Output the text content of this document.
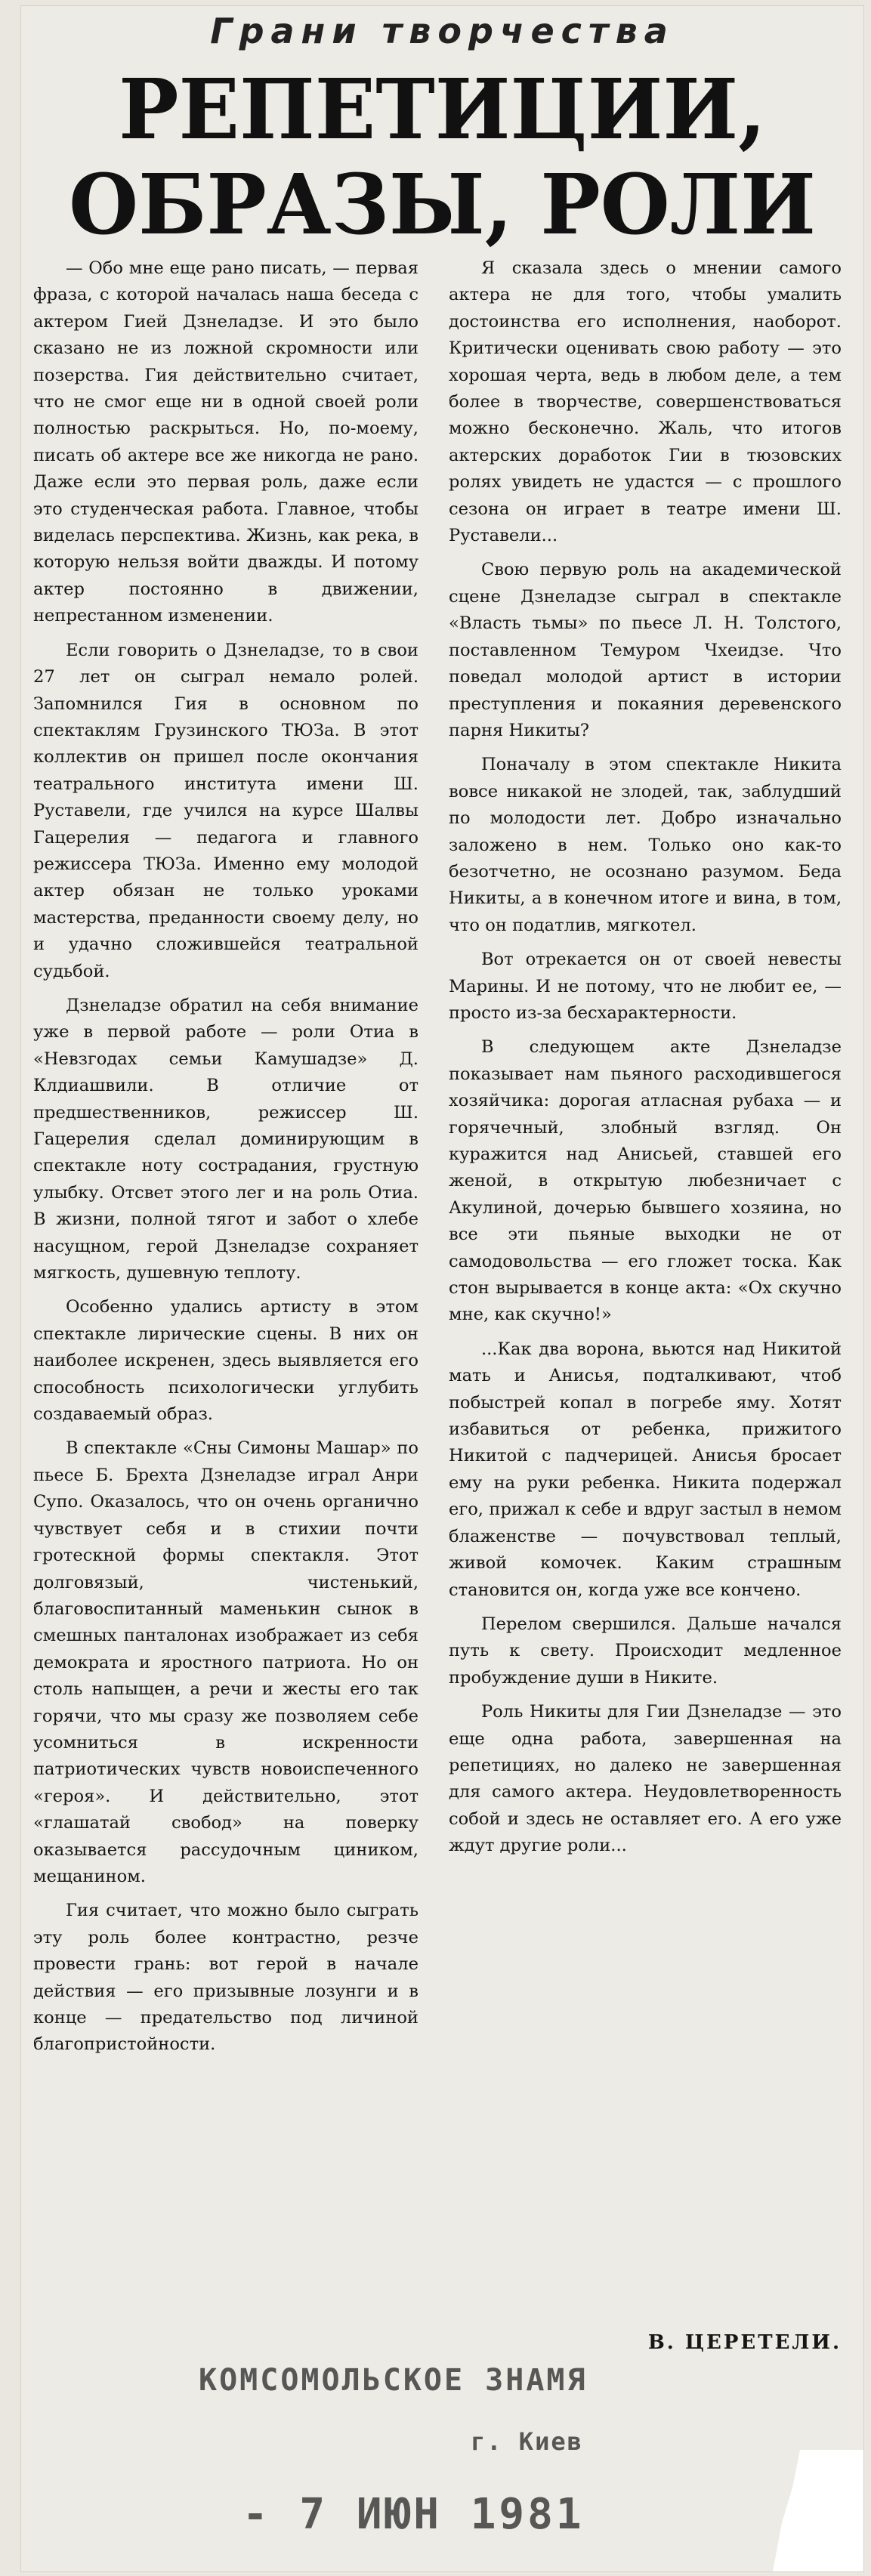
Грани творчества
РЕПЕТИЦИИ,
ОБРАЗЫ, РОЛИ

— Обо мне еще рано писать, — первая фраза, с которой началась наша беседа с актером Гией Дзнеладзе. И это было сказано не из ложной скромности или позерства. Гия действительно считает, что не смог еще ни в одной своей роли полностью раскрыться. Но, по-моему, писать об актере все же никогда не рано. Даже если это первая роль, даже если это студенческая работа. Главное, чтобы виделась перспектива. Жизнь, как река, в которую нельзя войти дважды. И потому актер постоянно в движении, непрестанном изменении.

Если говорить о Дзнеладзе, то в свои 27 лет он сыграл немало ролей. Запомнился Гия в основном по спектаклям Грузинского ТЮЗа. В этот коллектив он пришел после окончания театрального института имени Ш. Руставели, где учился на курсе Шалвы Гацерелия — педагога и главного режиссера ТЮЗа. Именно ему молодой актер обязан не только уроками мастерства, преданности своему делу, но и удачно сложившейся театральной судьбой.

Дзнеладзе обратил на себя внимание уже в первой работе — роли Отиа в «Невзгодах семьи Камушадзе» Д. Клдиашвили. В отличие от предшественников, режиссер Ш. Гацерелия сделал доминирующим в спектакле ноту сострадания, грустную улыбку. Отсвет этого лег и на роль Отиа. В жизни, полной тягот и забот о хлебе насущном, герой Дзнеладзе сохраняет мягкость, душевную теплоту.

Особенно удались артисту в этом спектакле лирические сцены. В них он наиболее искренен, здесь выявляется его способность психологически углубить создаваемый образ.

В спектакле «Сны Симоны Машар» по пьесе Б. Брехта Дзнеладзе играл Анри Супо. Оказалось, что он очень органично чувствует себя и в стихии почти гротескной формы спектакля. Этот долговязый, чистенький, благовоспитанный маменькин сынок в смешных панталонах изображает из себя демократа и яростного патриота. Но он столь напыщен, а речи и жесты его так горячи, что мы сразу же позволяем себе усомниться в искренности патриотических чувств новоиспеченного «героя». И действительно, этот «глашатай свобод» на поверку оказывается рассудочным циником, мещанином.

Гия считает, что можно было сыграть эту роль более контрастно, резче провести грань: вот герой в начале действия — его призывные лозунги и в конце — предательство под личиной благопристойности.

Я сказала здесь о мнении самого актера не для того, чтобы умалить достоинства его исполнения, наоборот. Критически оценивать свою работу — это хорошая черта, ведь в любом деле, а тем более в творчестве, совершенствоваться можно бесконечно. Жаль, что итогов актерских доработок Гии в тюзовских ролях увидеть не удастся — с прошлого сезона он играет в театре имени Ш. Руставели...

Свою первую роль на академической сцене Дзнеладзе сыграл в спектакле «Власть тьмы» по пьесе Л. Н. Толстого, поставленном Темуром Чхеидзе. Что поведал молодой артист в истории преступления и покаяния деревенского парня Никиты?

Поначалу в этом спектакле Никита вовсе никакой не злодей, так, заблудший по молодости лет. Добро изначально заложено в нем. Только оно как-то безотчетно, не осознано разумом. Беда Никиты, а в конечном итоге и вина, в том, что он податлив, мягкотел.

Вот отрекается он от своей невесты Марины. И не потому, что не любит ее, — просто из-за бесхарактерности.

В следующем акте Дзнеладзе показывает нам пьяного расходившегося хозяйчика: дорогая атласная рубаха — и горячечный, злобный взгляд. Он куражится над Анисьей, ставшей его женой, в открытую любезничает с Акулиной, дочерью бывшего хозяина, но все эти пьяные выходки не от самодовольства — его гложет тоска. Как стон вырывается в конце акта: «Ох скучно мне, как скучно!»

...Как два ворона, вьются над Никитой мать и Анисья, подталкивают, чтоб побыстрей копал в погребе яму. Хотят избавиться от ребенка, прижитого Никитой с падчерицей. Анисья бросает ему на руки ребенка. Никита подержал его, прижал к себе и вдруг застыл в немом блаженстве — почувствовал теплый, живой комочек. Каким страшным становится он, когда уже все кончено.

Перелом свершился. Дальше начался путь к свету. Происходит медленное пробуждение души в Никите.

Роль Никиты для Гии Дзнеладзе — это еще одна работа, завершенная на репетициях, но далеко не завершенная для самого актера. Неудовлетворенность собой и здесь не оставляет его. А его уже ждут другие роли...

В. ЦЕРЕТЕЛИ.
КОМСОМОЛЬСКОЕ ЗНАМЯ
г. Киев
- 7 ИЮН 1981
